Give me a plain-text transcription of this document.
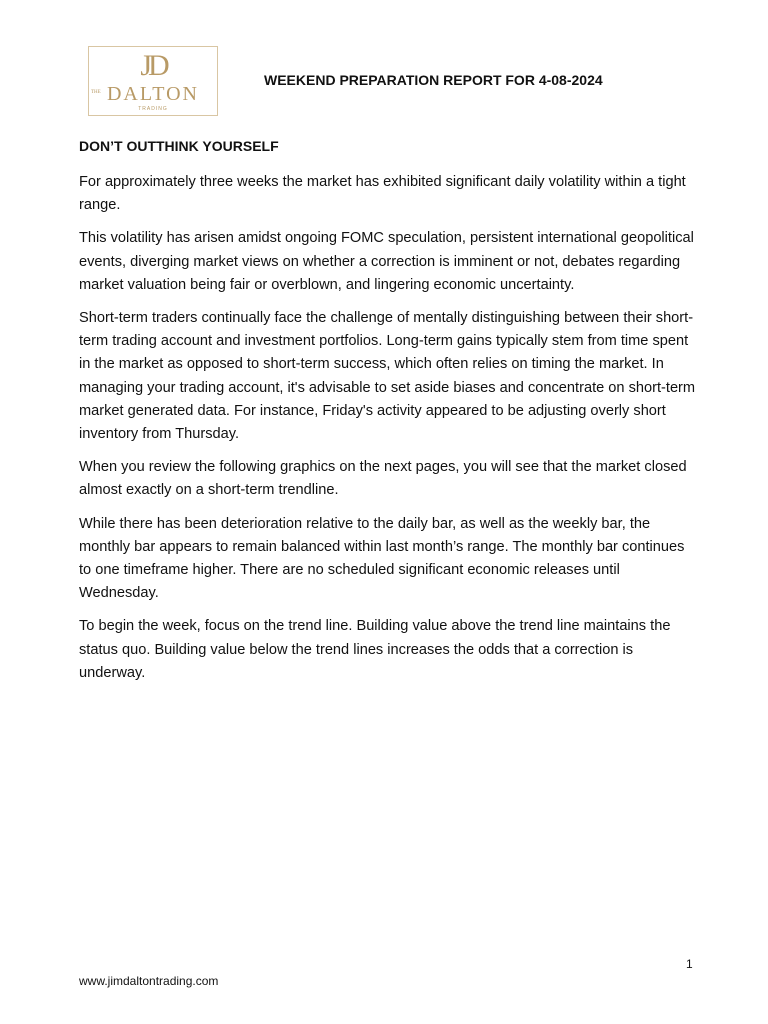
JD
THE DALTON
TRADING
WEEKEND PREPARATION REPORT FOR 4-08-2024
DON’T OUTTHINK YOURSELF

For approximately three weeks the market has exhibited significant daily volatility within a tight range.

This volatility has arisen amidst ongoing FOMC speculation, persistent international geopolitical events, diverging market views on whether a correction is imminent or not, debates regarding market valuation being fair or overblown, and lingering economic uncertainty.

Short-term traders continually face the challenge of mentally distinguishing between their short-term trading account and investment portfolios. Long-term gains typically stem from time spent in the market as opposed to short-term success, which often relies on timing the market. In managing your trading account, it's advisable to set aside biases and concentrate on short-term market generated data. For instance, Friday's activity appeared to be adjusting overly short inventory from Thursday.

When you review the following graphics on the next pages, you will see that the market closed almost exactly on a short-term trendline.

While there has been deterioration relative to the daily bar, as well as the weekly bar, the monthly bar appears to remain balanced within last month’s range. The monthly bar continues to one timeframe higher. There are no scheduled significant economic releases until Wednesday.

To begin the week, focus on the trend line. Building value above the trend line maintains the status quo. Building value below the trend lines increases the odds that a correction is underway.

1
www.jimdaltontrading.com
